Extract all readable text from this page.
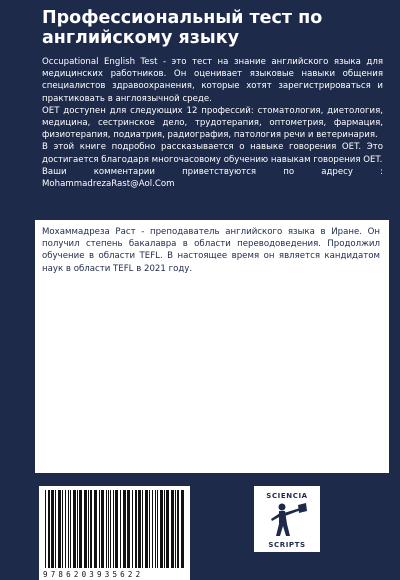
Профессиональный тест по английскому языку

Occupational English Test - это тест на знание английского языка для медицинских работников. Он оценивает языковые навыки общения специалистов здравоохранения, которые хотят зарегистрироваться и практиковать в англоязычной среде.

OET доступен для следующих 12 профессий: стоматология, диетология, медицина, сестринское дело, трудотерапия, оптометрия, фармация, физиотерапия, подиатрия, радиография, патология речи и ветеринария.

В этой книге подробно рассказывается о навыке говорения OET. Это достигается благодаря многочасовому обучению навыкам говорения OET.

Ваши комментарии приветствуются по адресу : MohammadrezaRast@Aol.Com

Мохаммадреза Раст - преподаватель английского языка в Иране. Он получил степень бакалавра в области переводоведения. Продолжил обучение в области TEFL. В настоящее время он является кандидатом наук в области TEFL в 2021 году.

9786203935622
SCIENCIA
SCRIPTS
